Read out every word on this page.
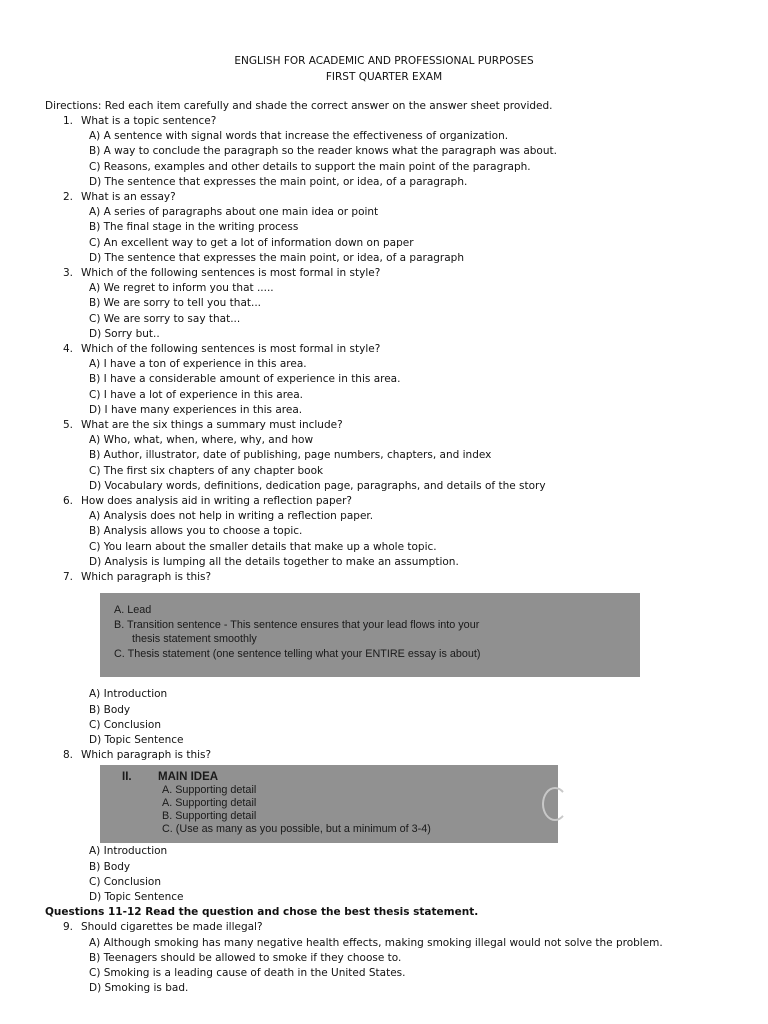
ENGLISH FOR ACADEMIC AND PROFESSIONAL PURPOSES
FIRST QUARTER EXAM
Directions: Red each item carefully and shade the correct answer on the answer sheet provided.
1. What is a topic sentence?
A) A sentence with signal words that increase the effectiveness of organization.
B) A way to conclude the paragraph so the reader knows what the paragraph was about.
C) Reasons, examples and other details to support the main point of the paragraph.
D) The sentence that expresses the main point, or idea, of a paragraph.
2. What is an essay?
A) A series of paragraphs about one main idea or point
B) The final stage in the writing process
C) An excellent way to get a lot of information down on paper
D) The sentence that expresses the main point, or idea, of a paragraph
3. Which of the following sentences is most formal in style?
A) We regret to inform you that .....
B) We are sorry to tell you that...
C) We are sorry to say that...
D) Sorry but..
4. Which of the following sentences is most formal in style?
A) I have a ton of experience in this area.
B) I have a considerable amount of experience in this area.
C) I have a lot of experience in this area.
D) I have many experiences in this area.
5. What are the six things a summary must include?
A) Who, what, when, where, why, and how
B) Author, illustrator, date of publishing, page numbers, chapters, and index
C) The first six chapters of any chapter book
D) Vocabulary words, definitions, dedication page, paragraphs, and details of the story
6. How does analysis aid in writing a reflection paper?
A) Analysis does not help in writing a reflection paper.
B) Analysis allows you to choose a topic.
C) You learn about the smaller details that make up a whole topic.
D) Analysis is lumping all the details together to make an assumption.
7. Which paragraph is this?
A. Lead
B. Transition sentence - This sentence ensures that your lead flows into your
thesis statement smoothly
C. Thesis statement (one sentence telling what your ENTIRE essay is about)
A) Introduction
B) Body
C) Conclusion
D) Topic Sentence
8. Which paragraph is this?
II. MAIN IDEA
A. Supporting detail
A. Supporting detail
B. Supporting detail
C. (Use as many as you possible, but a minimum of 3-4)
A) Introduction
B) Body
C) Conclusion
D) Topic Sentence
Questions 11-12 Read the question and chose the best thesis statement.
9. Should cigarettes be made illegal?
A) Although smoking has many negative health effects, making smoking illegal would not solve the problem.
B) Teenagers should be allowed to smoke if they choose to.
C) Smoking is a leading cause of death in the United States.
D) Smoking is bad.
